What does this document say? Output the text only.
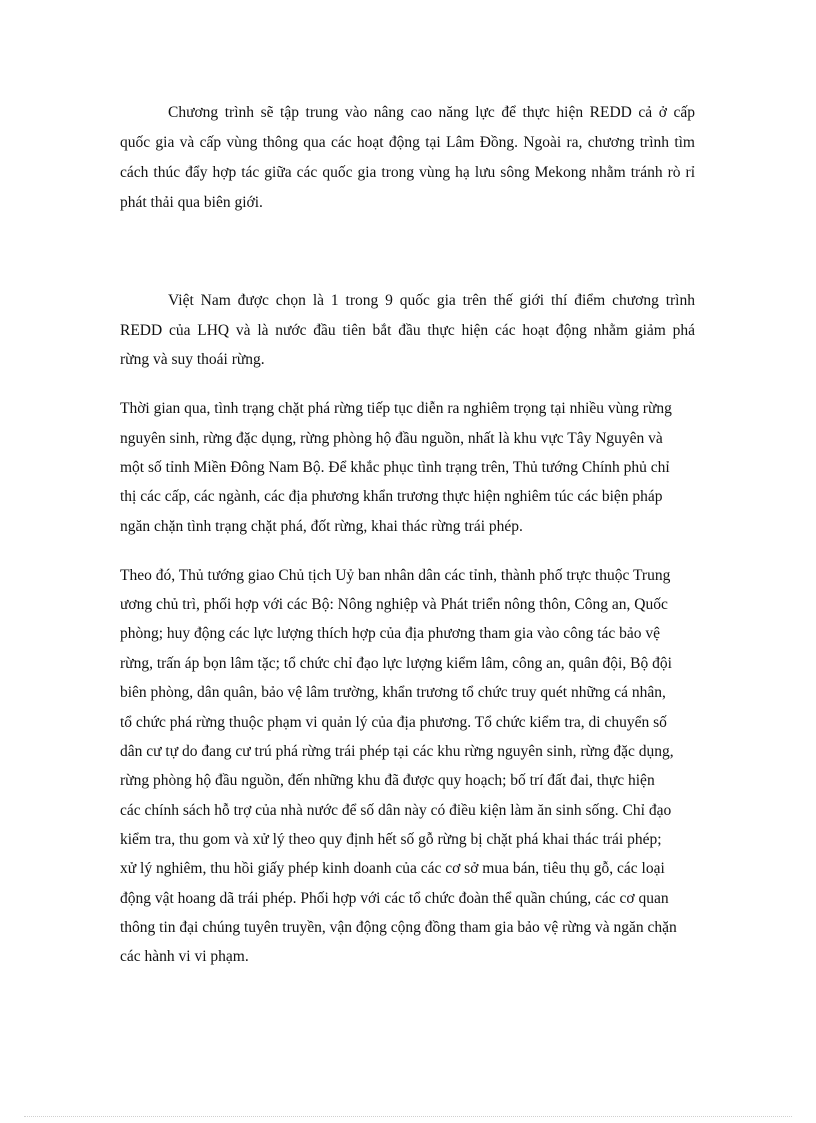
Chương trình sẽ tập trung vào nâng cao năng lực để thực hiện REDD cả ở cấp

quốc gia và cấp vùng thông qua các hoạt động tại Lâm Đồng. Ngoài ra, chương trình tìm

cách thúc đẩy hợp tác giữa các quốc gia trong vùng hạ lưu sông Mekong nhằm tránh rò rỉ

phát thải qua biên giới.

Việt Nam được chọn là 1 trong 9 quốc gia trên thế giới thí điểm chương trình

REDD của LHQ và là nước đầu tiên bắt đầu thực hiện các hoạt động nhằm giảm phá

rừng và suy thoái rừng.

Thời gian qua, tình trạng chặt phá rừng tiếp tục diễn ra nghiêm trọng tại nhiều vùng rừng

nguyên sinh, rừng đặc dụng, rừng phòng hộ đầu nguồn, nhất là khu vực Tây Nguyên và

một số tỉnh Miền Đông Nam Bộ. Để khắc phục tình trạng trên, Thủ tướng Chính phủ chỉ

thị các cấp, các ngành, các địa phương khẩn trương thực hiện nghiêm túc các biện pháp

ngăn chặn tình trạng chặt phá, đốt rừng, khai thác rừng trái phép.

Theo đó, Thủ tướng giao Chủ tịch Uỷ ban nhân dân các tỉnh, thành phố trực thuộc Trung

ương chủ trì, phối hợp với các Bộ: Nông nghiệp và Phát triển nông thôn, Công an, Quốc

phòng; huy động các lực lượng thích hợp của địa phương tham gia vào công tác bảo vệ

rừng, trấn áp bọn lâm tặc; tổ chức chỉ đạo lực lượng kiểm lâm, công an, quân đội, Bộ đội

biên phòng, dân quân, bảo vệ lâm trường, khẩn trương tổ chức truy quét những cá nhân,

tổ chức phá rừng thuộc phạm vi quản lý của địa phương. Tổ chức kiểm tra, di chuyển số

dân cư tự do đang cư trú phá rừng trái phép tại các khu rừng nguyên sinh, rừng đặc dụng,

rừng phòng hộ đầu nguồn, đến những khu đã được quy hoạch; bố trí đất đai, thực hiện

các chính sách hỗ trợ của nhà nước để số dân này có điều kiện làm ăn sinh sống. Chỉ đạo

kiểm tra, thu gom và xử lý theo quy định hết số gỗ rừng bị chặt phá khai thác trái phép;

xử lý nghiêm, thu hồi giấy phép kinh doanh của các cơ sở mua bán, tiêu thụ gỗ, các loại

động vật hoang dã trái phép. Phối hợp với các tổ chức đoàn thể quần chúng, các cơ quan

thông tin đại chúng tuyên truyền, vận động cộng đồng tham gia bảo vệ rừng và ngăn chặn

các hành vi vi phạm.
